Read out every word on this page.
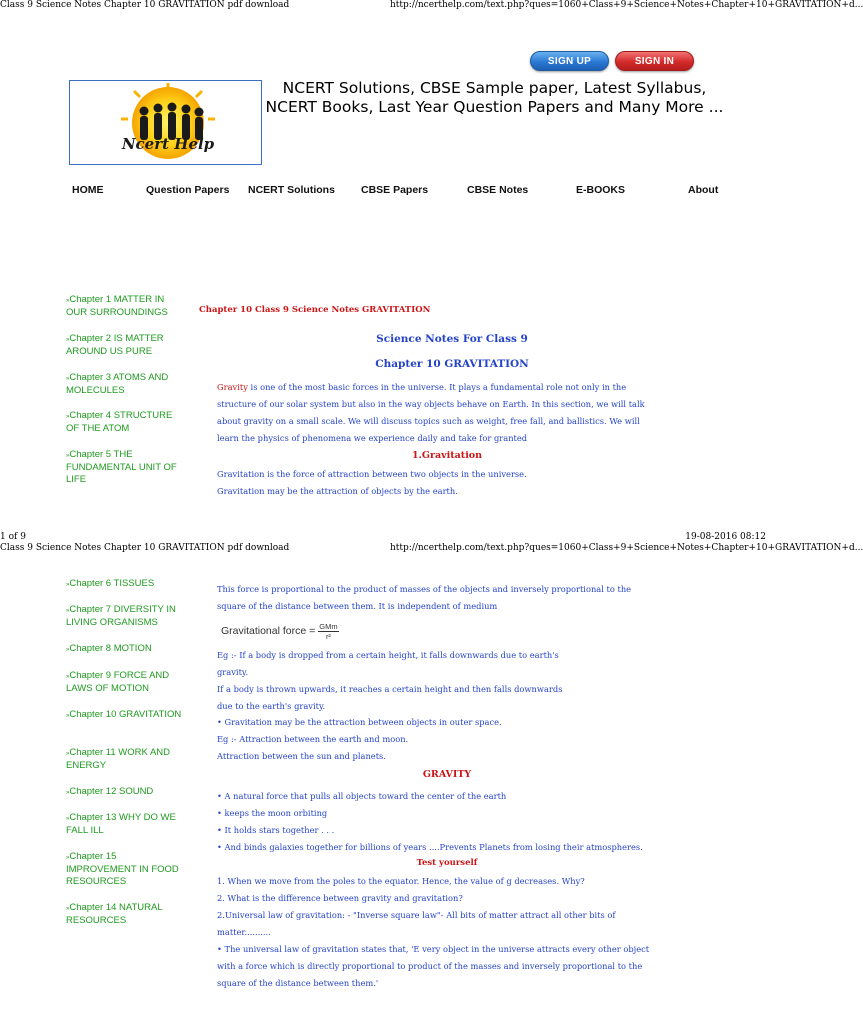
Class 9 Science Notes Chapter 10 GRAVITATION pdf download	http://ncerthelp.com/text.php?ques=1060+Class+9+Science+Notes+Chapter+10+GRAVITATION+d...
SIGN UP	SIGN IN
Ncert Help
NCERT Solutions, CBSE Sample paper, Latest Syllabus, NCERT Books, Last Year Question Papers and Many More ...
HOME	Question Papers NCERT Solutions CBSE Papers	CBSE Notes	E-BOOKS	About
»Chapter 1 MATTER IN OUR SURROUNDINGS
»Chapter 2 IS MATTER AROUND US PURE
»Chapter 3 ATOMS AND MOLECULES
»Chapter 4 STRUCTURE OF THE ATOM
»Chapter 5 THE FUNDAMENTAL UNIT OF LIFE
Chapter 10 Class 9 Science Notes GRAVITATION
Science Notes For Class 9
Chapter 10 GRAVITATION
Gravity is one of the most basic forces in the universe. It plays a fundamental role not only in the
structure of our solar system but also in the way objects behave on Earth. In this section, we will talk
about gravity on a small scale. We will discuss topics such as weight, free fall, and ballistics. We will
learn the physics of phenomena we experience daily and take for granted
1.Gravitation
Gravitation is the force of attraction between two objects in the universe.
Gravitation may be the attraction of objects by the earth.
1 of 9	19-08-2016 08:12
Class 9 Science Notes Chapter 10 GRAVITATION pdf download	http://ncerthelp.com/text.php?ques=1060+Class+9+Science+Notes+Chapter+10+GRAVITATION+d...
»Chapter 6 TISSUES
»Chapter 7 DIVERSITY IN LIVING ORGANISMS
»Chapter 8 MOTION
»Chapter 9 FORCE AND LAWS OF MOTION
»Chapter 10 GRAVITATION
»Chapter 11 WORK AND ENERGY
»Chapter 12 SOUND
»Chapter 13 WHY DO WE FALL ILL
»Chapter 15 IMPROVEMENT IN FOOD RESOURCES
»Chapter 14 NATURAL RESOURCES
This force is proportional to the product of masses of the objects and inversely proportional to the
square of the distance between them. It is independent of medium
Gravitational force = GMm
r²
Eg :- If a body is dropped from a certain height, it falls downwards due to earth's
gravity.
If a body is thrown upwards, it reaches a certain height and then falls downwards
due to the earth's gravity.
• Gravitation may be the attraction between objects in outer space.
Eg :- Attraction between the earth and moon.
Attraction between the sun and planets.
GRAVITY
• A natural force that pulls all objects toward the center of the earth
• keeps the moon orbiting
• It holds stars together . . .
• And binds galaxies together for billions of years ....Prevents Planets from losing their atmospheres.
Test yourself
1. When we move from the poles to the equator. Hence, the value of g decreases. Why?
2. What is the difference between gravity and gravitation?
2.Universal law of gravitation: - "Inverse square law"- All bits of matter attract all other bits of
matter..........
• The universal law of gravitation states that, 'E very object in the universe attracts every other object
with a force which is directly proportional to product of the masses and inversely proportional to the
square of the distance between them.'
